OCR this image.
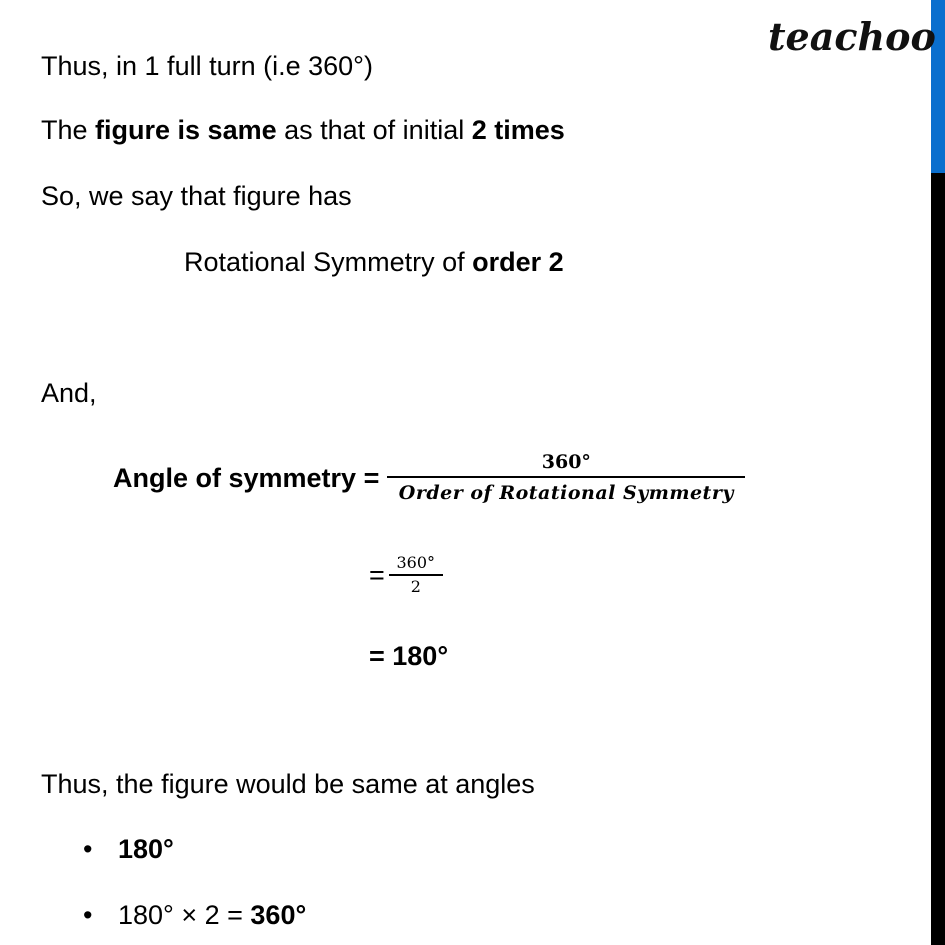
teachoo
Thus, in 1 full turn (i.e 360°)
The figure is same as that of initial 2 times
So, we say that figure has
Rotational Symmetry of order 2
And,
Angle of symmetry = $\frac{360^\circ}{\text{Order of Rotational Symmetry}}$
= $\frac{360^\circ}{2}$
= 180°
Thus, the figure would be same at angles
• 180°
• 180° × 2 = 360°
